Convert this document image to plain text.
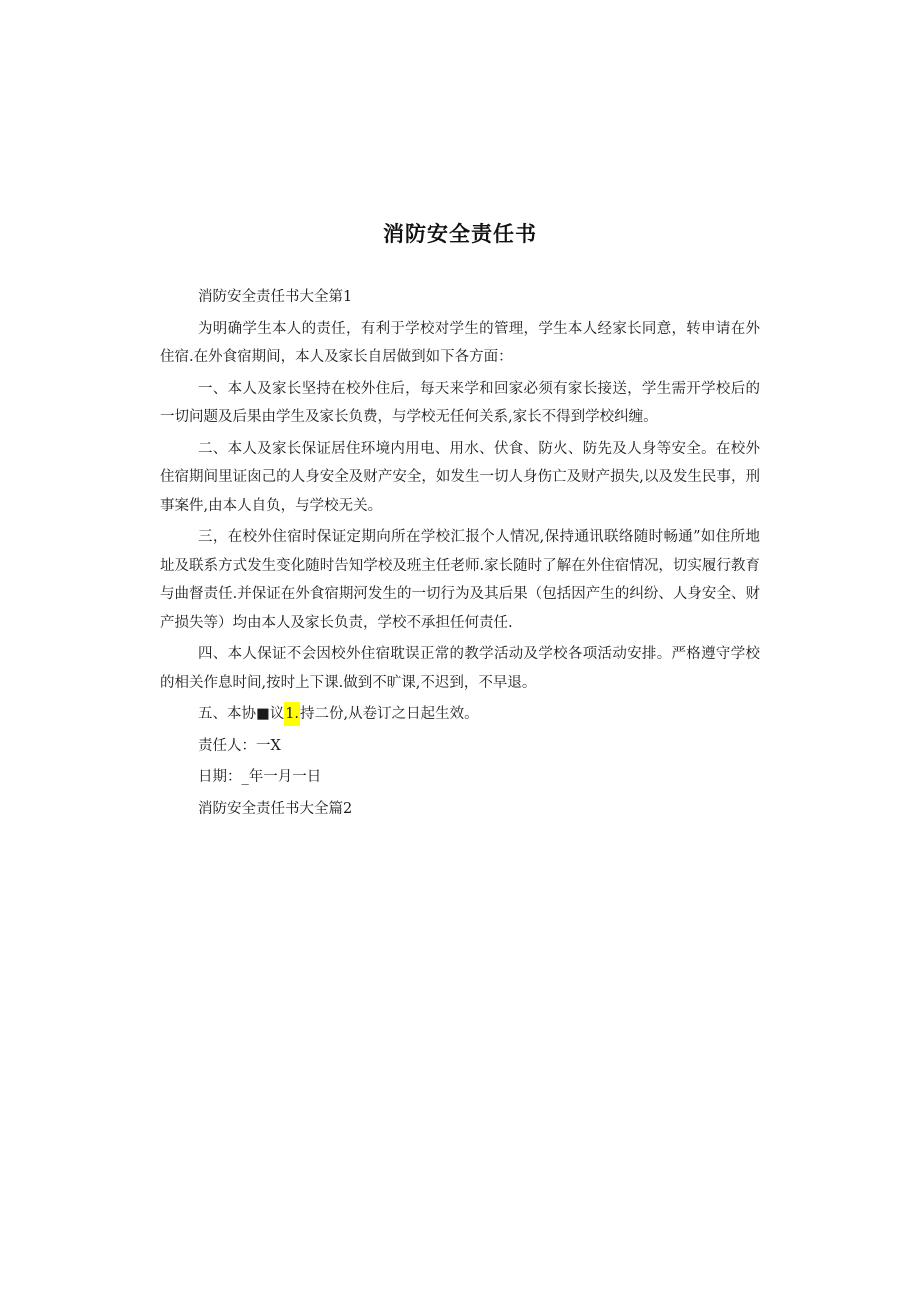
消防安全责任书

消防安全责任书大全第1

为明确学生本人的责任，有利于学校对学生的管理，学生本人经家长同意，转申请在外住宿.在外食宿期间，本人及家长自居做到如下各方面：

一、本人及家长坚持在校外住后，每天来学和回家必须有家长接送，学生需开学校后的一切问题及后果由学生及家长负费，与学校无任何关系,家长不得到学校纠缠。

二、本人及家长保证居住环境内用电、用水、伏食、防火、防先及人身等安全。在校外住宿期间里证囱己的人身安全及财产安全，如发生一切人身伤亡及财产损失,以及发生民事，刑事案件,由本人自负，与学校无关。

三，在校外住宿时保证定期向所在学校汇报个人情况,保持通讯联络随时畅通”如住所地址及联系方式发生变化随时告知学校及班主任老师.家长随时了解在外住宿情况，切实履行教育与曲督责任.并保证在外食宿期河发生的一切行为及其后果（包括因产生的纠纷、人身安全、财产损失等）均由本人及家长负责，学校不承担任何责任.

四、本人保证不会因校外住宿耽误正常的教学活动及学校各项活动安排。严格遵守学校的相关作息时间,按时上下课.做到不旷课,不迟到，不早退。

五、本协■议1.持二份,从卷订之日起生效。

责任人：一X

日期：_年一月一日

消防安全责任书大全篇2
